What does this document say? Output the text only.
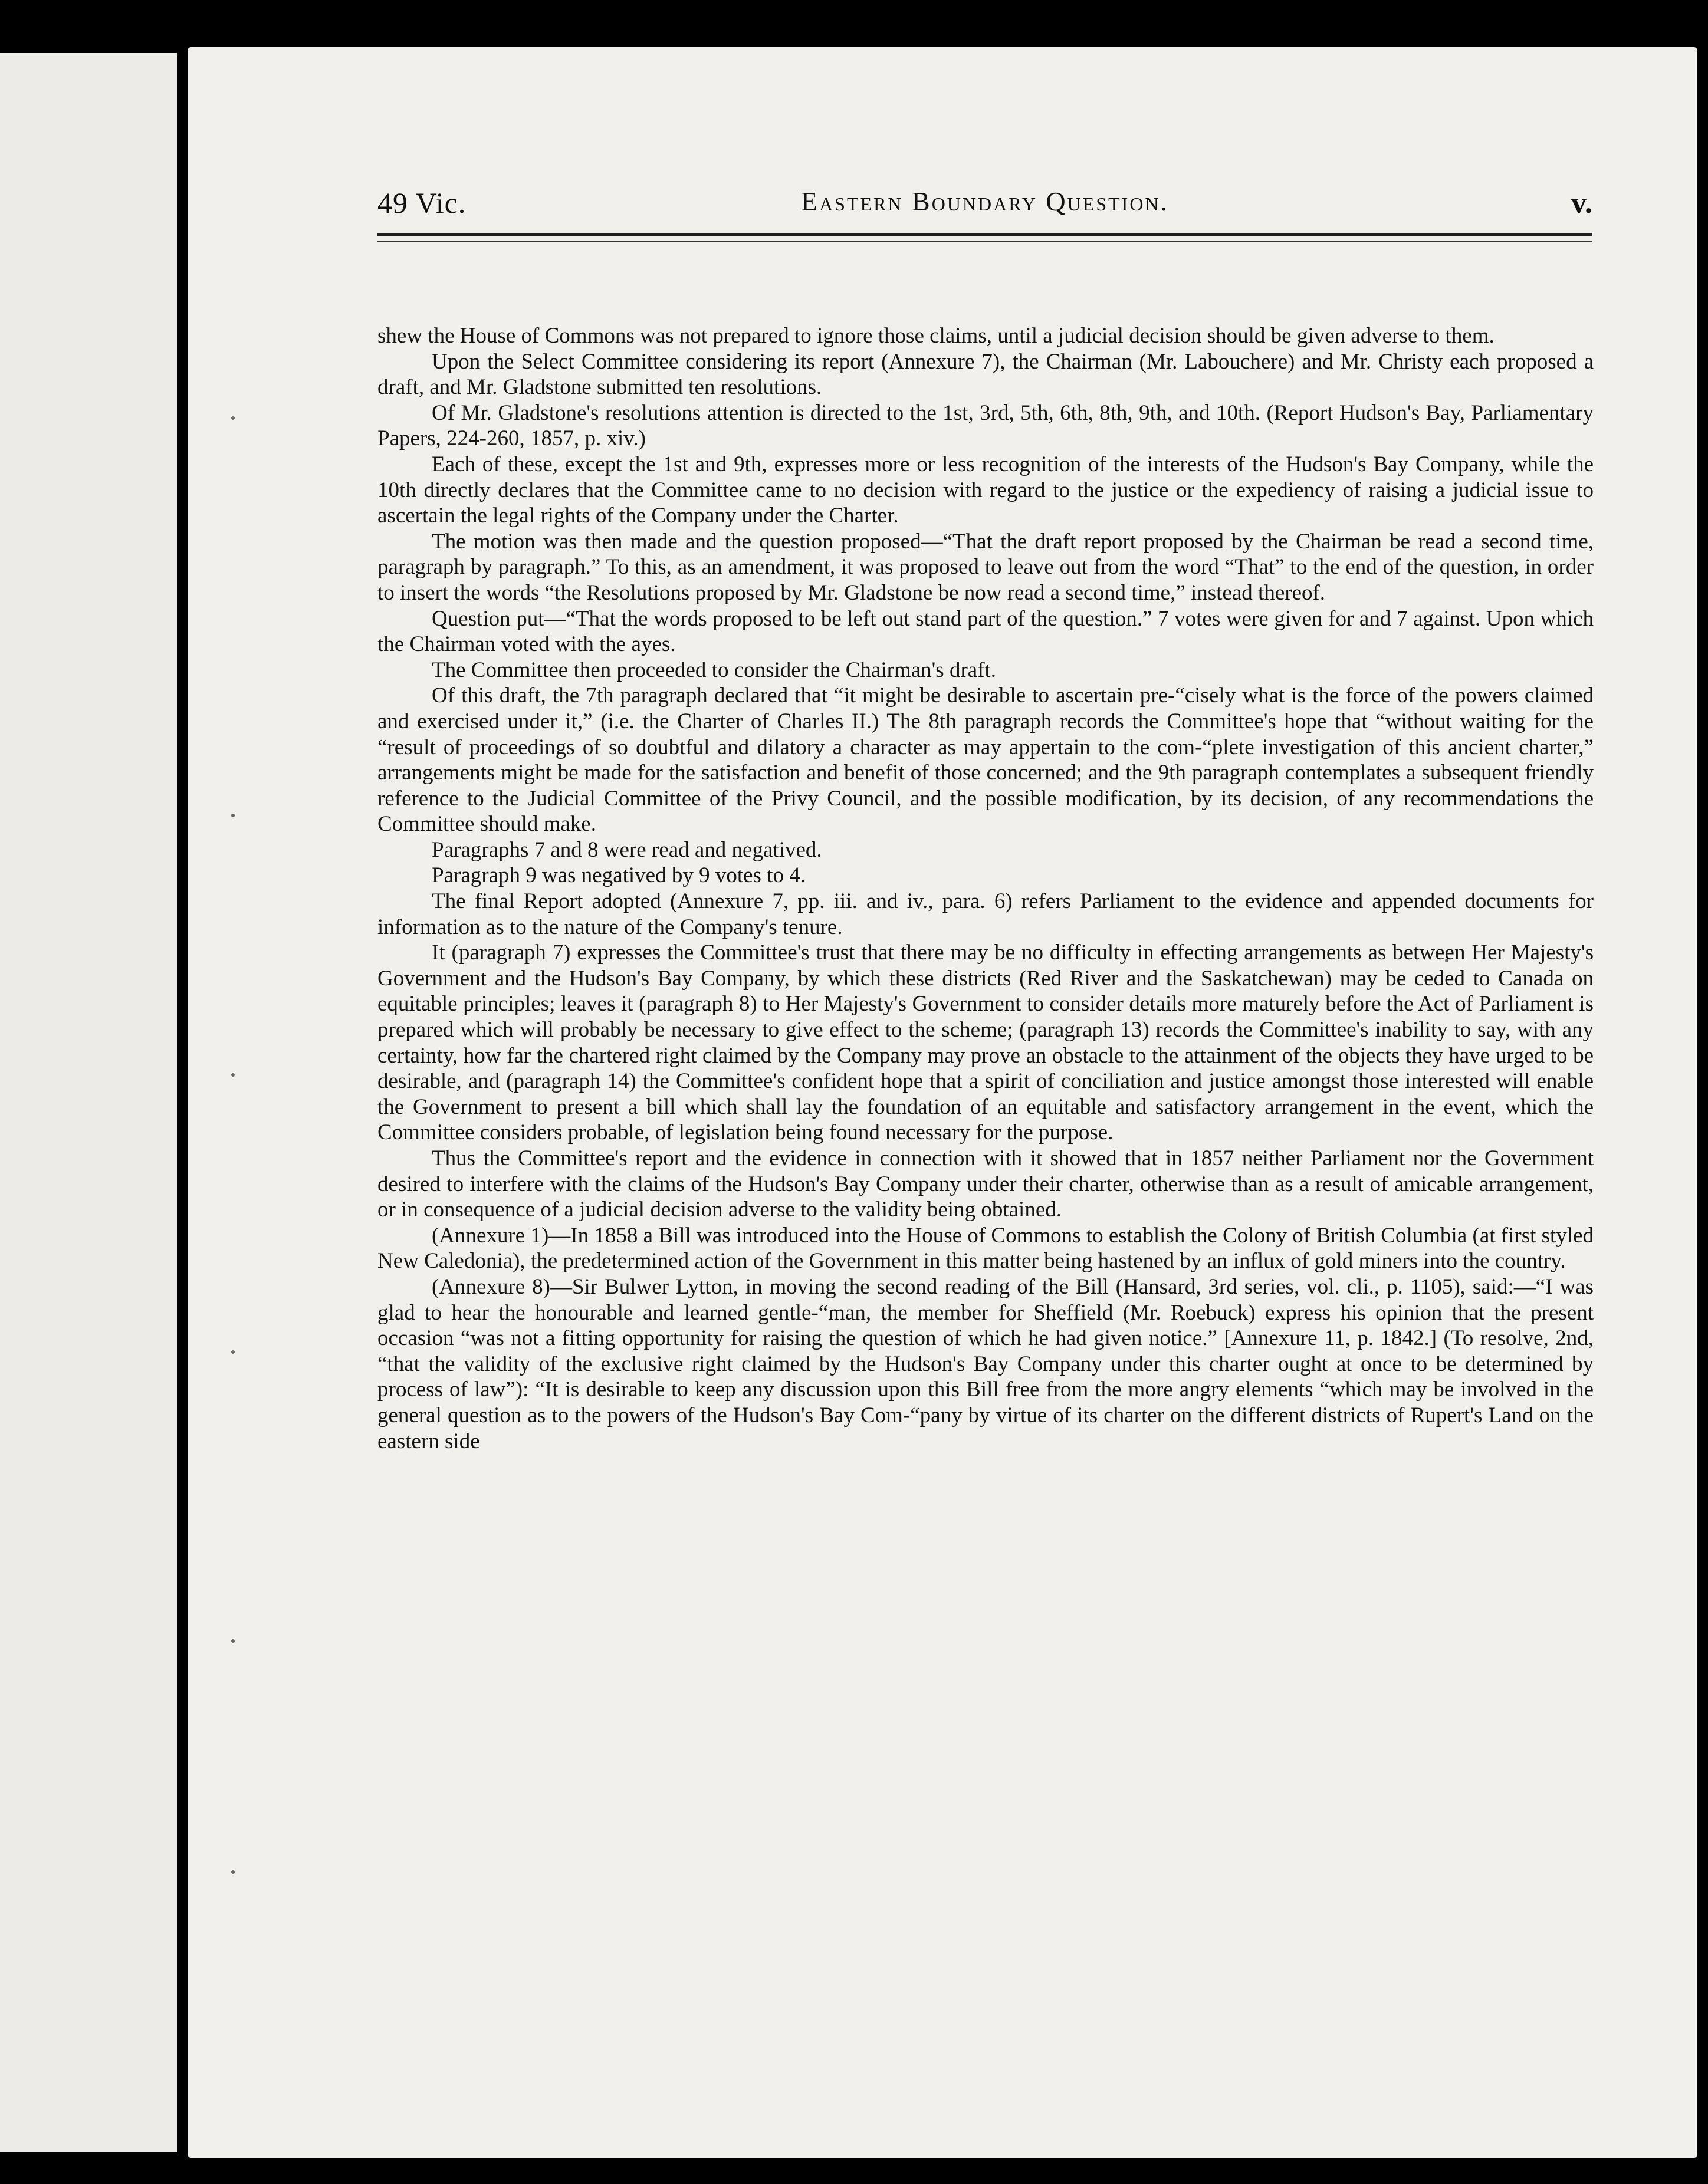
49 Vic.	Eastern Boundary Question.	v.

shew the House of Commons was not prepared to ignore those claims, until a judicial decision should be given adverse to them.

Upon the Select Committee considering its report (Annexure 7), the Chairman (Mr. Labouchere) and Mr. Christy each proposed a draft, and Mr. Gladstone submitted ten resolutions.

Of Mr. Gladstone's resolutions attention is directed to the 1st, 3rd, 5th, 6th, 8th, 9th, and 10th. (Report Hudson's Bay, Parliamentary Papers, 224-260, 1857, p. xiv.)

Each of these, except the 1st and 9th, expresses more or less recognition of the interests of the Hudson's Bay Company, while the 10th directly declares that the Committee came to no decision with regard to the justice or the expediency of raising a judicial issue to ascertain the legal rights of the Company under the Charter.

The motion was then made and the question proposed—“That the draft report proposed by the Chairman be read a second time, paragraph by paragraph.” To this, as an amendment, it was proposed to leave out from the word “That” to the end of the question, in order to insert the words “the Resolutions proposed by Mr. Gladstone be now read a second time,” instead thereof.

Question put—“That the words proposed to be left out stand part of the question.” 7 votes were given for and 7 against. Upon which the Chairman voted with the ayes.

The Committee then proceeded to consider the Chairman's draft.

Of this draft, the 7th paragraph declared that “it might be desirable to ascertain pre-“cisely what is the force of the powers claimed and exercised under it,” (i.e. the Charter of Charles II.) The 8th paragraph records the Committee's hope that “without waiting for the “result of proceedings of so doubtful and dilatory a character as may appertain to the com-“plete investigation of this ancient charter,” arrangements might be made for the satisfaction and benefit of those concerned; and the 9th paragraph contemplates a subsequent friendly reference to the Judicial Committee of the Privy Council, and the possible modification, by its decision, of any recommendations the Committee should make.

Paragraphs 7 and 8 were read and negatived.

Paragraph 9 was negatived by 9 votes to 4.

The final Report adopted (Annexure 7, pp. iii. and iv., para. 6) refers Parliament to the evidence and appended documents for information as to the nature of the Company's tenure.

It (paragraph 7) expresses the Committee's trust that there may be no difficulty in effecting arrangements as between Her Majesty's Government and the Hudson's Bay Company, by which these districts (Red River and the Saskatchewan) may be ceded to Canada on equitable principles; leaves it (paragraph 8) to Her Majesty's Government to consider details more maturely before the Act of Parliament is prepared which will probably be necessary to give effect to the scheme; (paragraph 13) records the Committee's inability to say, with any certainty, how far the chartered right claimed by the Company may prove an obstacle to the attainment of the objects they have urged to be desirable, and (paragraph 14) the Committee's confident hope that a spirit of conciliation and justice amongst those interested will enable the Government to present a bill which shall lay the foundation of an equitable and satisfactory arrangement in the event, which the Committee considers probable, of legislation being found necessary for the purpose.

Thus the Committee's report and the evidence in connection with it showed that in 1857 neither Parliament nor the Government desired to interfere with the claims of the Hudson's Bay Company under their charter, otherwise than as a result of amicable arrangement, or in consequence of a judicial decision adverse to the validity being obtained.

(Annexure 1)—In 1858 a Bill was introduced into the House of Commons to establish the Colony of British Columbia (at first styled New Caledonia), the predetermined action of the Government in this matter being hastened by an influx of gold miners into the country.

(Annexure 8)—Sir Bulwer Lytton, in moving the second reading of the Bill (Hansard, 3rd series, vol. cli., p. 1105), said:—“I was glad to hear the honourable and learned gentle-“man, the member for Sheffield (Mr. Roebuck) express his opinion that the present occasion “was not a fitting opportunity for raising the question of which he had given notice.” [Annexure 11, p. 1842.] (To resolve, 2nd, “that the validity of the exclusive right claimed by the Hudson's Bay Company under this charter ought at once to be determined by process of law”): “It is desirable to keep any discussion upon this Bill free from the more angry elements “which may be involved in the general question as to the powers of the Hudson's Bay Com-“pany by virtue of its charter on the different districts of Rupert's Land on the eastern side
